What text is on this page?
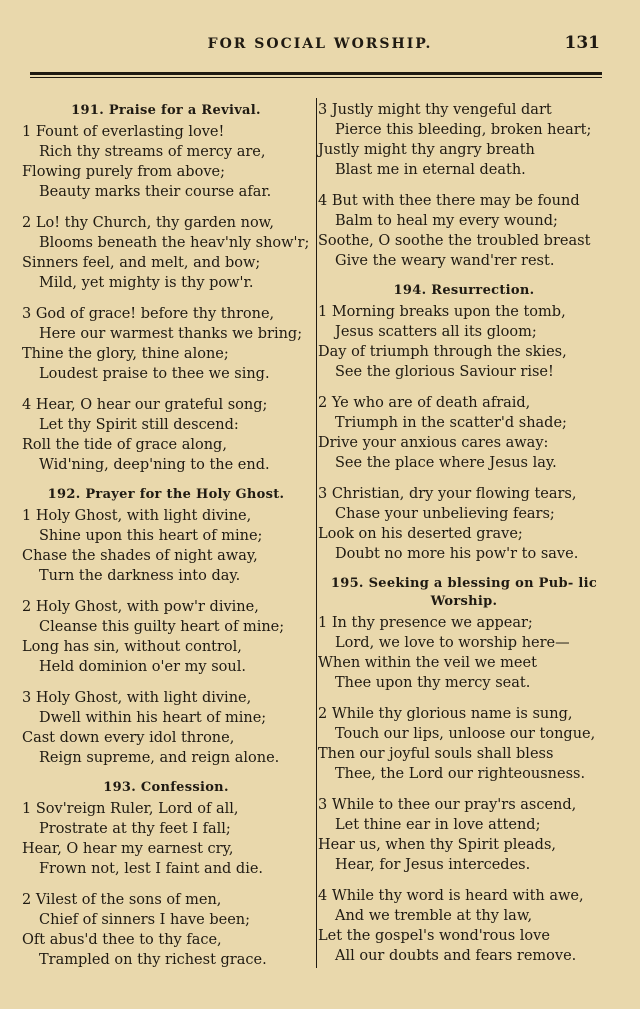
FOR SOCIAL WORSHIP.	131
191. Praise for a Revival.
1 Fount of everlasting love!
Rich thy streams of mercy are,
Flowing purely from above;
Beauty marks their course afar.
2 Lo! thy Church, thy garden now,
Blooms beneath the heav'nly show'r;
Sinners feel, and melt, and bow;
Mild, yet mighty is thy pow'r.
3 God of grace! before thy throne,
Here our warmest thanks we bring;
Thine the glory, thine alone;
Loudest praise to thee we sing.
4 Hear, O hear our grateful song;
Let thy Spirit still descend:
Roll the tide of grace along,
Wid'ning, deep'ning to the end.
192. Prayer for the Holy Ghost.
1 Holy Ghost, with light divine,
Shine upon this heart of mine;
Chase the shades of night away,
Turn the darkness into day.
2 Holy Ghost, with pow'r divine,
Cleanse this guilty heart of mine;
Long has sin, without control,
Held dominion o'er my soul.
3 Holy Ghost, with light divine,
Dwell within his heart of mine;
Cast down every idol throne,
Reign supreme, and reign alone.
193. Confession.
1 Sov'reign Ruler, Lord of all,
Prostrate at thy feet I fall;
Hear, O hear my earnest cry,
Frown not, lest I faint and die.
2 Vilest of the sons of men,
Chief of sinners I have been;
Oft abus'd thee to thy face,
Trampled on thy richest grace.
3 Justly might thy vengeful dart
Pierce this bleeding, broken heart;
Justly might thy angry breath
Blast me in eternal death.
4 But with thee there may be found
Balm to heal my every wound;
Soothe, O soothe the troubled breast
Give the weary wand'rer rest.
194. Resurrection.
1 Morning breaks upon the tomb,
Jesus scatters all its gloom;
Day of triumph through the skies,
See the glorious Saviour rise!
2 Ye who are of death afraid,
Triumph in the scatter'd shade;
Drive your anxious cares away:
See the place where Jesus lay.
3 Christian, dry your flowing tears,
Chase your unbelieving fears;
Look on his deserted grave;
Doubt no more his pow'r to save.
195. Seeking a blessing on Pub- lic Worship.
1 In thy presence we appear;
Lord, we love to worship here—
When within the veil we meet
Thee upon thy mercy seat.
2 While thy glorious name is sung,
Touch our lips, unloose our tongue,
Then our joyful souls shall bless
Thee, the Lord our righteousness.
3 While to thee our pray'rs ascend,
Let thine ear in love attend;
Hear us, when thy Spirit pleads,
Hear, for Jesus intercedes.
4 While thy word is heard with awe,
And we tremble at thy law,
Let the gospel's wond'rous love
All our doubts and fears remove.
